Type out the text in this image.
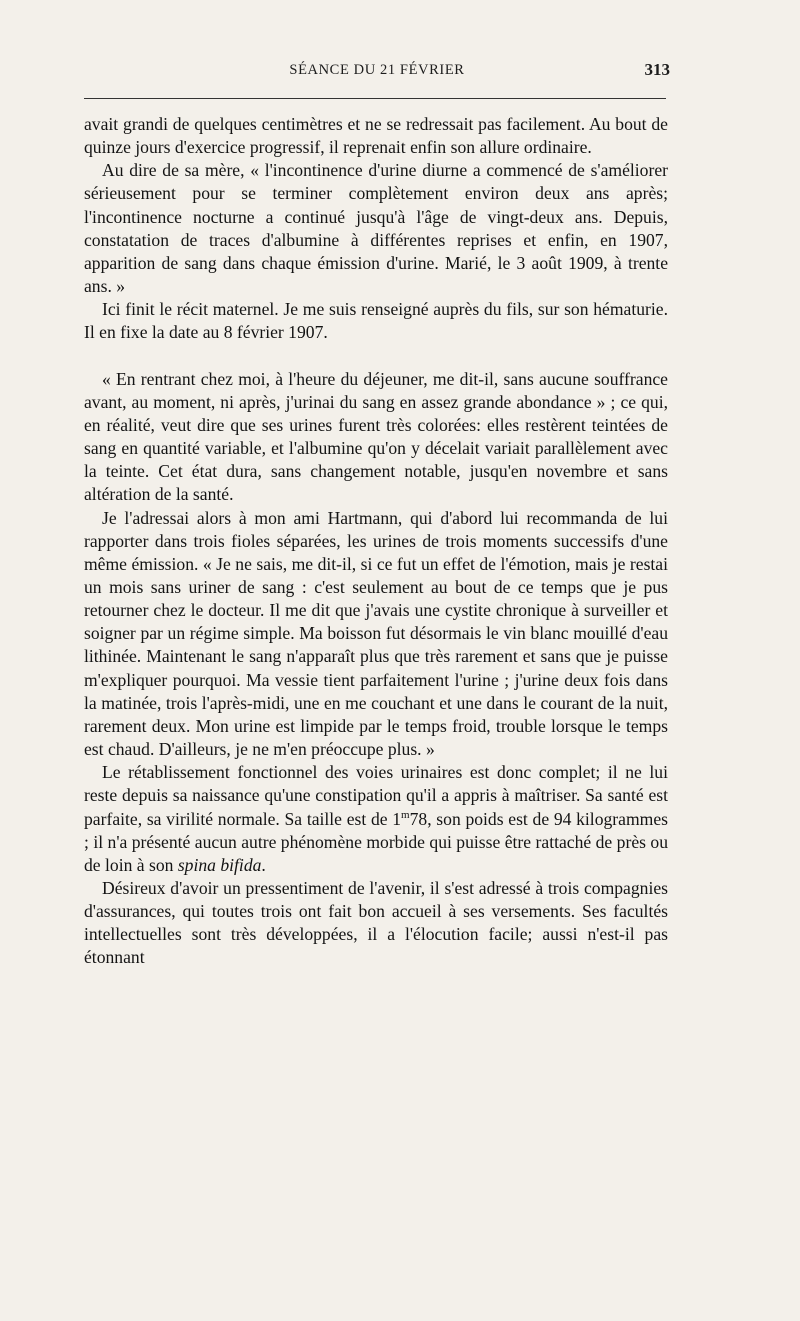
SÉANCE DU 21 FÉVRIER	313

avait grandi de quelques centimètres et ne se redressait pas facilement. Au bout de quinze jours d'exercice progressif, il reprenait enfin son allure ordinaire.

Au dire de sa mère, « l'incontinence d'urine diurne a commencé de s'améliorer sérieusement pour se terminer complètement environ deux ans après; l'incontinence nocturne a continué jusqu'à l'âge de vingt-deux ans. Depuis, constatation de traces d'albumine à différentes reprises et enfin, en 1907, apparition de sang dans chaque émission d'urine. Marié, le 3 août 1909, à trente ans. »

Ici finit le récit maternel. Je me suis renseigné auprès du fils, sur son hématurie. Il en fixe la date au 8 février 1907.

« En rentrant chez moi, à l'heure du déjeuner, me dit-il, sans aucune souffrance avant, au moment, ni après, j'urinai du sang en assez grande abondance » ; ce qui, en réalité, veut dire que ses urines furent très colorées: elles restèrent teintées de sang en quantité variable, et l'albumine qu'on y décelait variait parallèlement avec la teinte. Cet état dura, sans changement notable, jusqu'en novembre et sans altération de la santé.

Je l'adressai alors à mon ami Hartmann, qui d'abord lui recommanda de lui rapporter dans trois fioles séparées, les urines de trois moments successifs d'une même émission. « Je ne sais, me dit-il, si ce fut un effet de l'émotion, mais je restai un mois sans uriner de sang : c'est seulement au bout de ce temps que je pus retourner chez le docteur. Il me dit que j'avais une cystite chronique à surveiller et soigner par un régime simple. Ma boisson fut désormais le vin blanc mouillé d'eau lithinée. Maintenant le sang n'apparaît plus que très rarement et sans que je puisse m'expliquer pourquoi. Ma vessie tient parfaitement l'urine ; j'urine deux fois dans la matinée, trois l'après-midi, une en me couchant et une dans le courant de la nuit, rarement deux. Mon urine est limpide par le temps froid, trouble lorsque le temps est chaud. D'ailleurs, je ne m'en préoccupe plus. »

Le rétablissement fonctionnel des voies urinaires est donc complet; il ne lui reste depuis sa naissance qu'une constipation qu'il a appris à maîtriser. Sa santé est parfaite, sa virilité normale. Sa taille est de 1$^m$78, son poids est de 94 kilogrammes ; il n'a présenté aucun autre phénomène morbide qui puisse être rattaché de près ou de loin à son spina bifida.

Désireux d'avoir un pressentiment de l'avenir, il s'est adressé à trois compagnies d'assurances, qui toutes trois ont fait bon accueil à ses versements. Ses facultés intellectuelles sont très développées, il a l'élocution facile; aussi n'est-il pas étonnant
